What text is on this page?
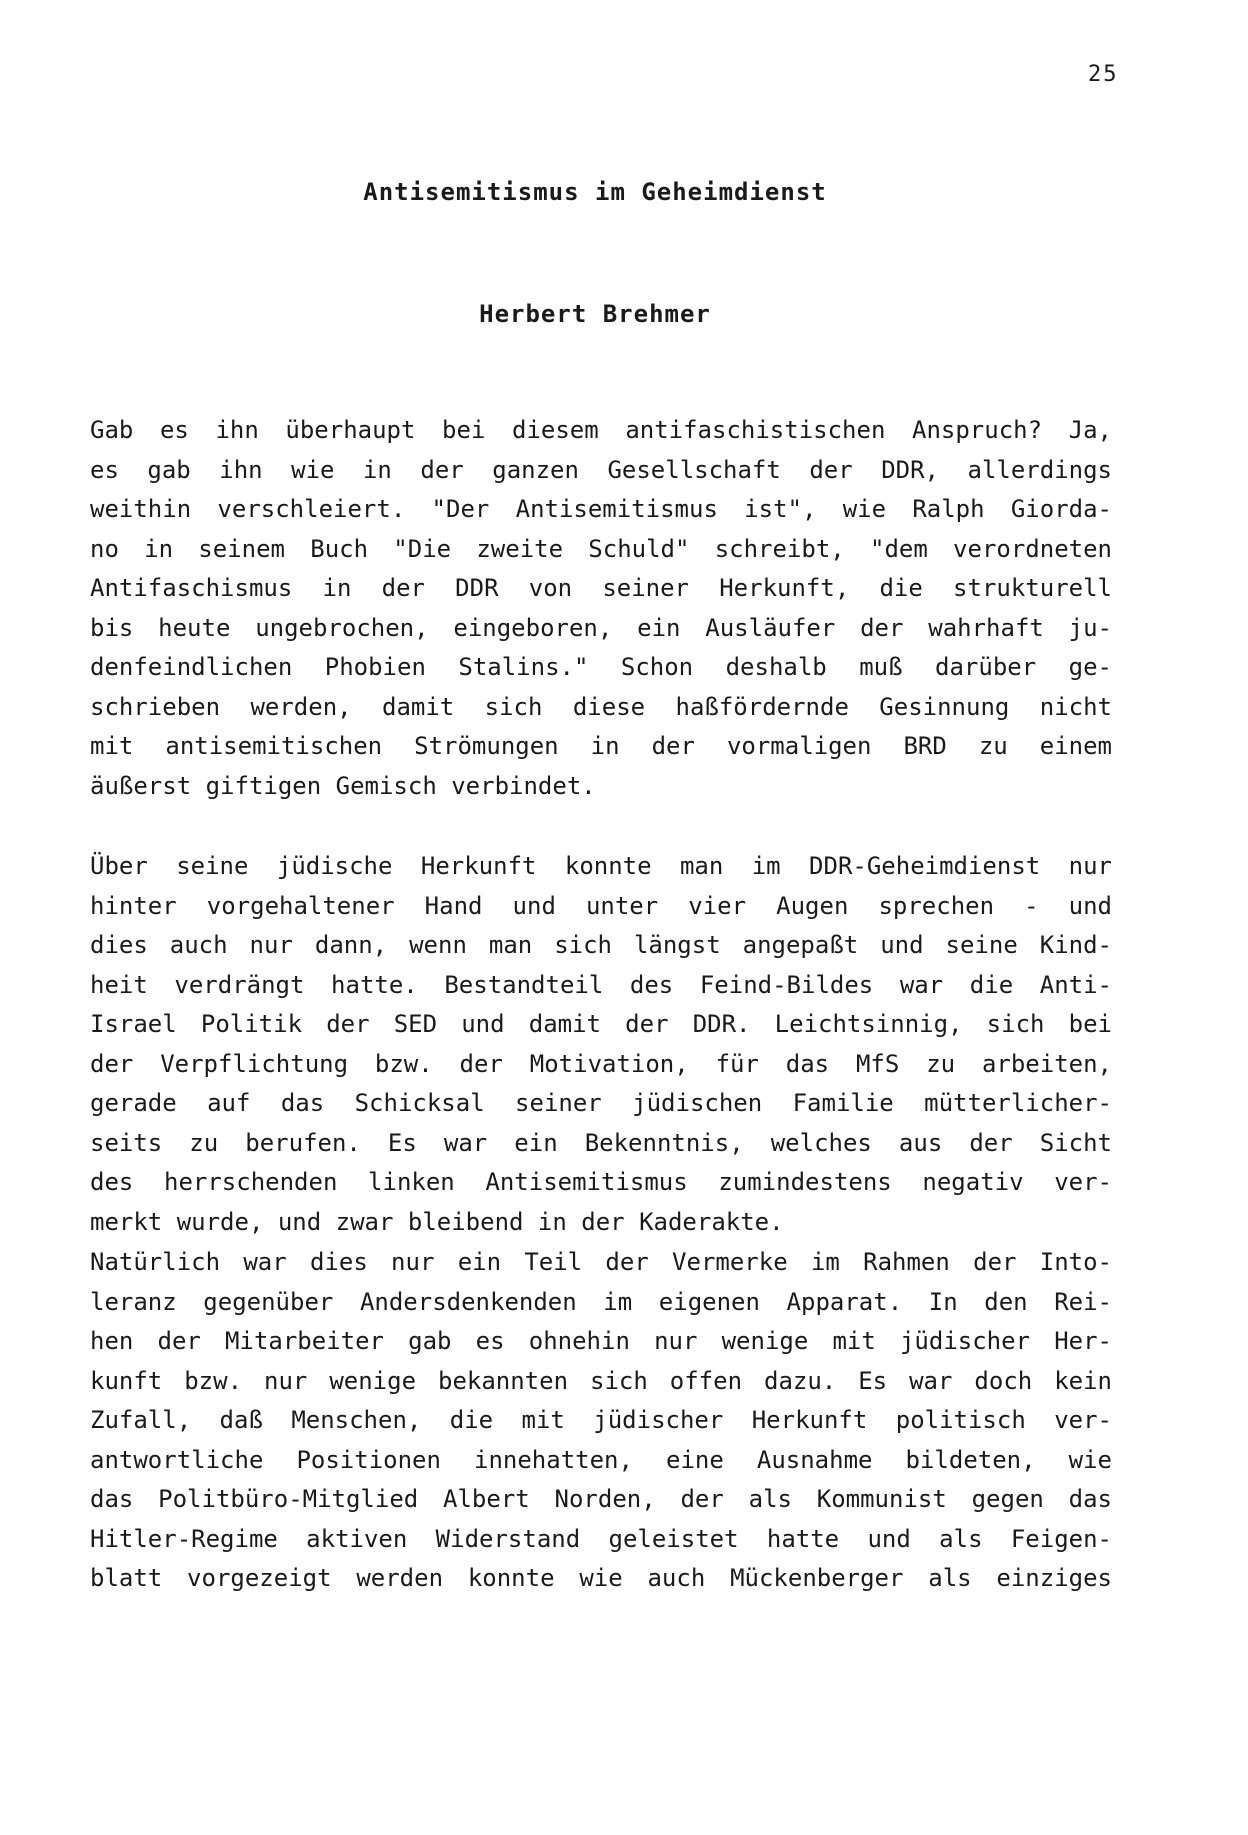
25
Antisemitismus im Geheimdienst
Herbert Brehmer
Gab es ihn überhaupt bei diesem antifaschistischen Anspruch? Ja,
es gab ihn wie in der ganzen Gesellschaft der DDR, allerdings
weithin verschleiert. "Der Antisemitismus ist", wie Ralph Giorda-
no in seinem Buch "Die zweite Schuld" schreibt, "dem verordneten
Antifaschismus in der DDR von seiner Herkunft, die strukturell
bis heute ungebrochen, eingeboren, ein Ausläufer der wahrhaft ju-
denfeindlichen Phobien Stalins." Schon deshalb muß darüber ge-
schrieben werden, damit sich diese haßfördernde Gesinnung nicht
mit antisemitischen Strömungen in der vormaligen BRD zu einem
äußerst giftigen Gemisch verbindet.
Über seine jüdische Herkunft konnte man im DDR-Geheimdienst nur
hinter vorgehaltener Hand und unter vier Augen sprechen - und
dies auch nur dann, wenn man sich längst angepaßt und seine Kind-
heit verdrängt hatte. Bestandteil des Feind-Bildes war die Anti-
Israel Politik der SED und damit der DDR. Leichtsinnig, sich bei
der Verpflichtung bzw. der Motivation, für das MfS zu arbeiten,
gerade auf das Schicksal seiner jüdischen Familie mütterlicher-
seits zu berufen. Es war ein Bekenntnis, welches aus der Sicht
des herrschenden linken Antisemitismus zumindestens negativ ver-
merkt wurde, und zwar bleibend in der Kaderakte.
Natürlich war dies nur ein Teil der Vermerke im Rahmen der Into-
leranz gegenüber Andersdenkenden im eigenen Apparat. In den Rei-
hen der Mitarbeiter gab es ohnehin nur wenige mit jüdischer Her-
kunft bzw. nur wenige bekannten sich offen dazu. Es war doch kein
Zufall, daß Menschen, die mit jüdischer Herkunft politisch ver-
antwortliche Positionen innehatten, eine Ausnahme bildeten, wie
das Politbüro-Mitglied Albert Norden, der als Kommunist gegen das
Hitler-Regime aktiven Widerstand geleistet hatte und als Feigen-
blatt vorgezeigt werden konnte wie auch Mückenberger als einziges
